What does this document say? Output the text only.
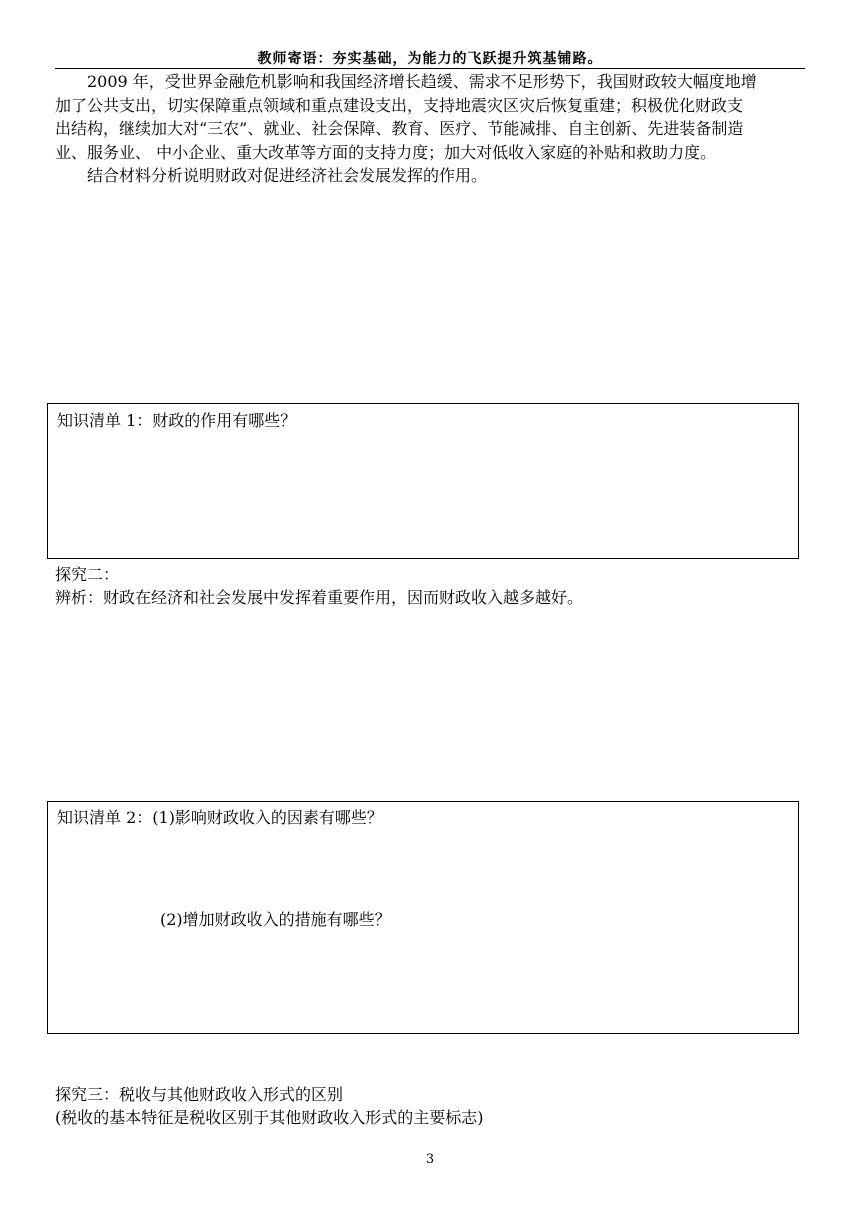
教师寄语：夯实基础，为能力的飞跃提升筑基铺路。
2009 年，受世界金融危机影响和我国经济增长趋缓、需求不足形势下，我国财政较大幅度地增
加了公共支出，切实保障重点领域和重点建设支出，支持地震灾区灾后恢复重建；积极优化财政支
出结构，继续加大对“三农”、就业、社会保障、教育、医疗、节能减排、自主创新、先进装备制造
业、服务业、 中小企业、重大改革等方面的支持力度；加大对低收入家庭的补贴和救助力度。
结合材料分析说明财政对促进经济社会发展发挥的作用。
知识清单 1：财政的作用有哪些？
探究二：
辨析：财政在经济和社会发展中发挥着重要作用，因而财政收入越多越好。
知识清单 2：(1)影响财政收入的因素有哪些？
(2)增加财政收入的措施有哪些？
探究三：税收与其他财政收入形式的区别
(税收的基本特征是税收区别于其他财政收入形式的主要标志)
3
